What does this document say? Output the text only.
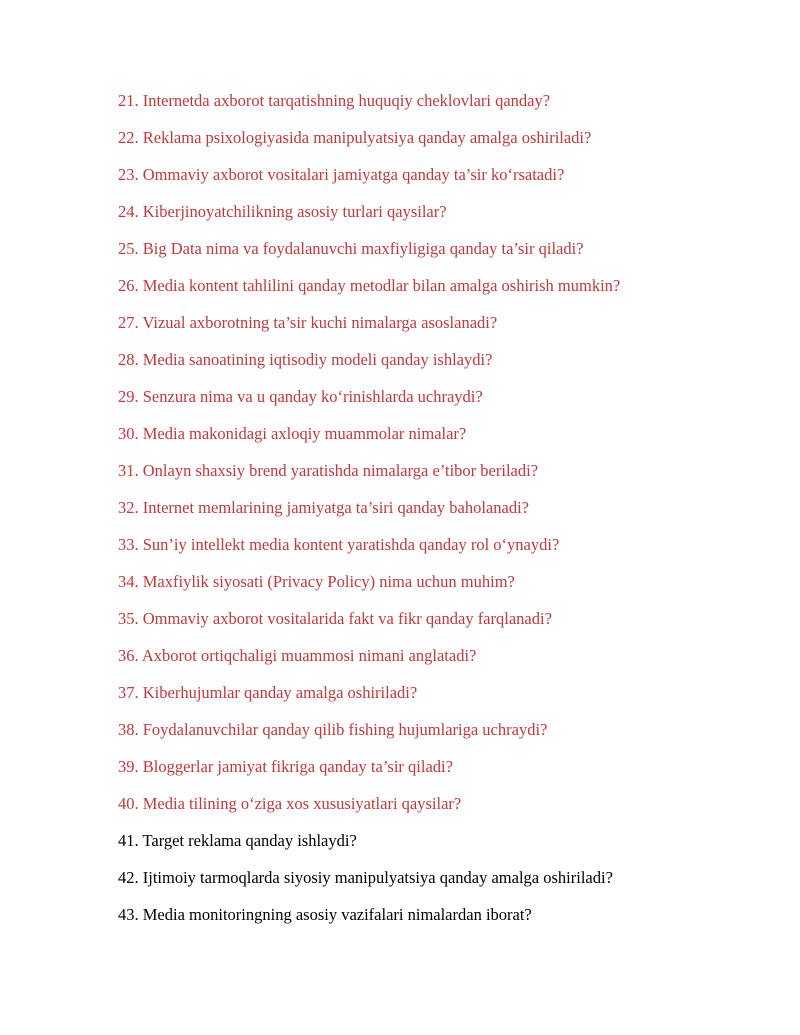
21. Internetda axborot tarqatishning huquqiy cheklovlari qanday?
22. Reklama psixologiyasida manipulyatsiya qanday amalga oshiriladi?
23. Ommaviy axborot vositalari jamiyatga qanday ta’sir ko‘rsatadi?
24. Kiberjinoyatchilikning asosiy turlari qaysilar?
25. Big Data nima va foydalanuvchi maxfiyligiga qanday ta’sir qiladi?
26. Media kontent tahlilini qanday metodlar bilan amalga oshirish mumkin?
27. Vizual axborotning ta’sir kuchi nimalarga asoslanadi?
28. Media sanoatining iqtisodiy modeli qanday ishlaydi?
29. Senzura nima va u qanday ko‘rinishlarda uchraydi?
30. Media makonidagi axloqiy muammolar nimalar?
31. Onlayn shaxsiy brend yaratishda nimalarga e’tibor beriladi?
32. Internet memlarining jamiyatga ta’siri qanday baholanadi?
33. Sun’iy intellekt media kontent yaratishda qanday rol o‘ynaydi?
34. Maxfiylik siyosati (Privacy Policy) nima uchun muhim?
35. Ommaviy axborot vositalarida fakt va fikr qanday farqlanadi?
36. Axborot ortiqchaligi muammosi nimani anglatadi?
37. Kiberhujumlar qanday amalga oshiriladi?
38. Foydalanuvchilar qanday qilib fishing hujumlariga uchraydi?
39. Bloggerlar jamiyat fikriga qanday ta’sir qiladi?
40. Media tilining o‘ziga xos xususiyatlari qaysilar?
41. Target reklama qanday ishlaydi?
42. Ijtimoiy tarmoqlarda siyosiy manipulyatsiya qanday amalga oshiriladi?
43. Media monitoringning asosiy vazifalari nimalardan iborat?
